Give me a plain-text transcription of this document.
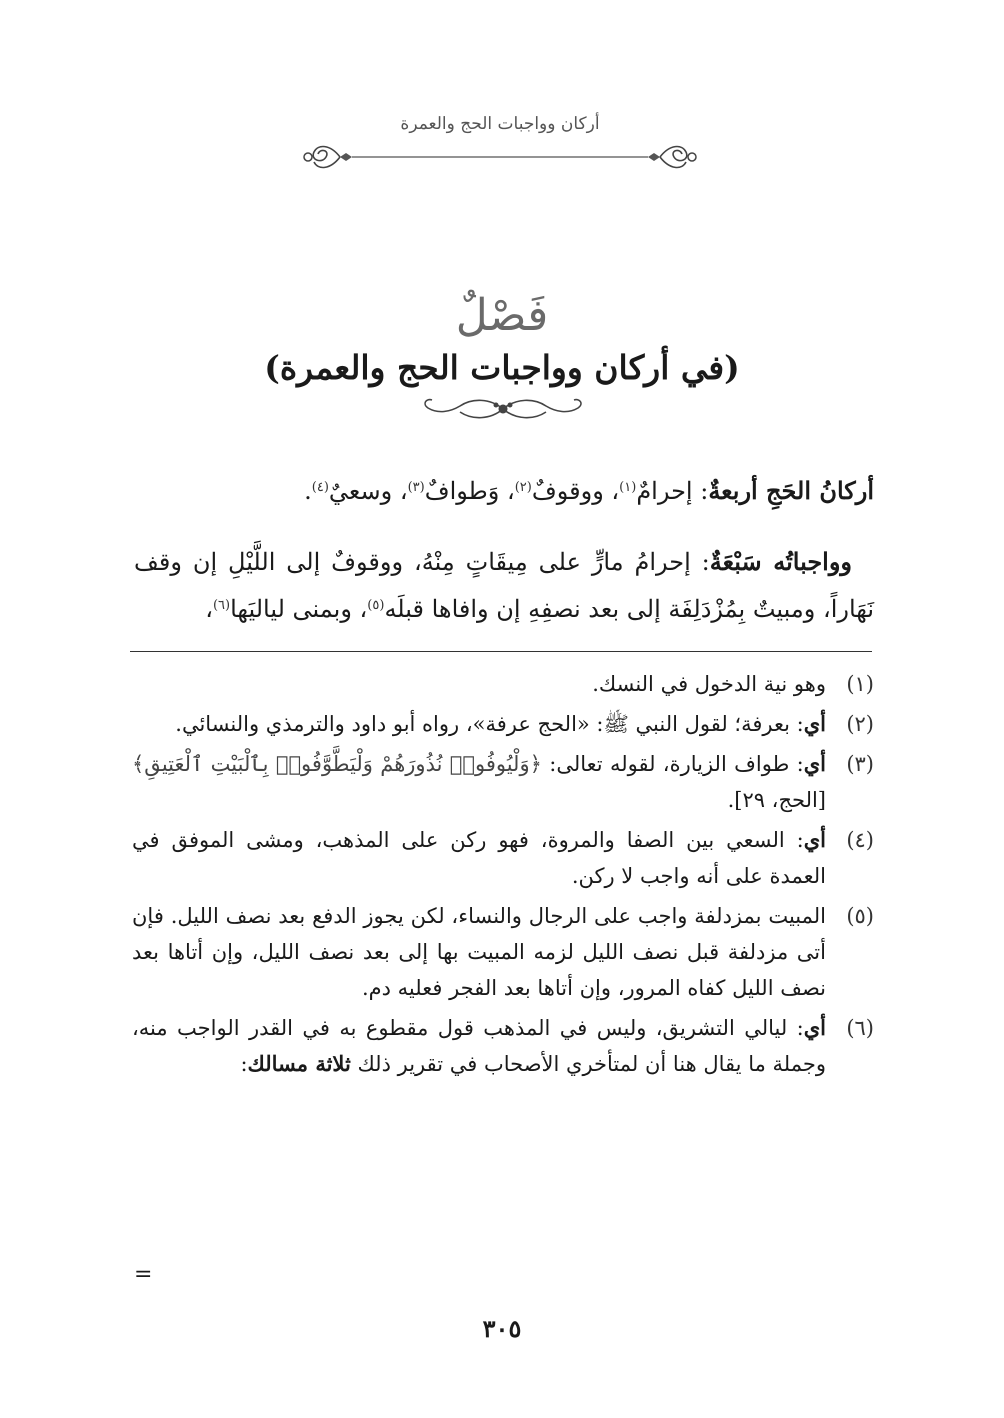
أركان وواجبات الحج والعمرة
فَصْلٌ
(في أركان وواجبات الحج والعمرة)
أركانُ الحَجِ أربعةٌ: إحرامٌ$^{(١)}$، ووقوفٌ$^{(٢)}$، وَطوافٌ$^{(٣)}$، وسعيٌ$^{(٤)}$.
وواجباتُه سَبْعَةٌ: إحرامُ مارٍّ على مِيقَاتٍ مِنْهُ، ووقوفٌ إلى اللَّيْلِ إن وقف نَهَاراً، ومبيتٌ بِمُزْدَلِفَة إلى بعد نصفِهِ إن وافاها قبلَه$^{(٥)}$، وبمنى لياليَها$^{(٦)}$،
(١)
وهو نية الدخول في النسك.
(٢)
أي: بعرفة؛ لقول النبي ﷺ: «الحج عرفة»، رواه أبو داود والترمذي والنسائي.
(٣)
أي: طواف الزيارة، لقوله تعالى: ﴿وَلْيُوفُوا۟ نُذُورَهُمْ وَلْيَطَّوَّفُوا۟ بِٱلْبَيْتِ ٱلْعَتِيقِ﴾ [الحج، ٢٩].
(٤)
أي: السعي بين الصفا والمروة، فهو ركن على المذهب، ومشى الموفق في العمدة على أنه واجب لا ركن.
(٥)
المبيت بمزدلفة واجب على الرجال والنساء، لكن يجوز الدفع بعد نصف الليل. فإن أتى مزدلفة قبل نصف الليل لزمه المبيت بها إلى بعد نصف الليل، وإن أتاها بعد نصف الليل كفاه المرور، وإن أتاها بعد الفجر فعليه دم.
(٦)
أي: ليالي التشريق، وليس في المذهب قول مقطوع به في القدر الواجب منه، وجملة ما يقال هنا أن لمتأخري الأصحاب في تقرير ذلك ثلاثة مسالك:
=
٣٠٥
